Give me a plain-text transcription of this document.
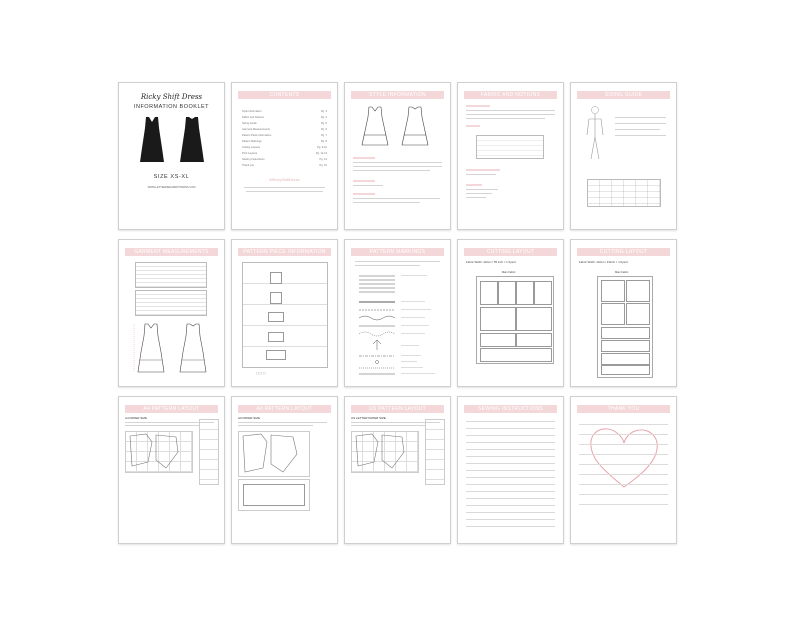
Ricky Shift Dress
INFORMATION BOOKLET
SIZE XS-XL
WWW.LETTERMENAMPATTERNS.COM
CONTENTS
Style Information	Pg. 3
Fabric and Notions	Pg. 4
Sizing Guide	Pg. 5
Garment Measurements	Pg. 6
Pattern Piece Information	Pg. 7
Pattern Markings	Pg. 8
Cutting Layouts	Pg. 9-10
Print Layouts	Pg. 11-13
Sewing Instructions	Pg. 14
Thank you	Pg. 15
#RickyShiftDress
STYLE INFORMATION	FABRIC AND NOTIONS	SIZING GUIDE
GARMENT MEASUREMENTS	PATTERN PIECE INFORMATION
▢ ▢ ▢
PATTERN MARKINGS	CUTTING LAYOUT
Fabric Width: 140cm / 55 inch = 1.5yard
Main Fabric
CUTTING LAYOUT
Fabric Width: 110cm / 43inch = 1.5yard
Main Fabric
A4 PATTERN LAYOUT
A4 PAPER SIZE
A0 PATTERN LAYOUT
A0 PAPER SIZE
US PATTERN LAYOUT
US LETTER PAPER SIZE
SEWING INSTRUCTIONS	THANK YOU
